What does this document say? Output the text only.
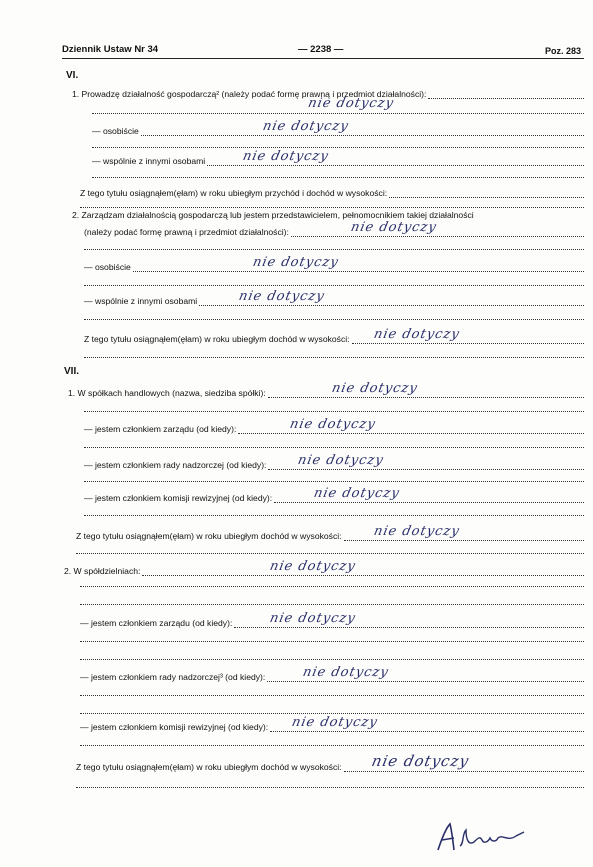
Dziennik Ustaw Nr 34	— 2238 —	Poz. 283
VI.
1. Prowadzę działalność gospodarczą² (należy podać formę prawną i przedmiot działalności):
nie dotyczy
— osobiście	nie dotyczy
— wspólnie z innymi osobami	nie dotyczy
Z tego tytułu osiągnąłem(ęłam) w roku ubiegłym przychód i dochód w wysokości:
2. Zarządzam działalnością gospodarczą lub jestem przedstawicielem, pełnomocnikiem takiej działalności
(należy podać formę prawną i przedmiot działalności):	nie dotyczy
— osobiście	nie dotyczy
— wspólnie z innymi osobami	nie dotyczy
Z tego tytułu osiągnąłem(ęłam) w roku ubiegłym dochód w wysokości: nie dotyczy
VII.
1. W spółkach handlowych (nazwa, siedziba spółki):	nie dotyczy
— jestem członkiem zarządu (od kiedy):	nie dotyczy
— jestem członkiem rady nadzorczej (od kiedy): nie dotyczy
— jestem członkiem komisji rewizyjnej (od kiedy):	nie dotyczy
Z tego tytułu osiągnąłem(ęłam) w roku ubiegłym dochód w wysokości: nie dotyczy
2. W spółdzielniach:	nie dotyczy
— jestem członkiem zarządu (od kiedy):	nie dotyczy
— jestem członkiem rady nadzorczej³ (od kiedy):	nie dotyczy
— jestem członkiem komisji rewizyjnej (od kiedy): nie dotyczy
Z tego tytułu osiągnąłem(ęłam) w roku ubiegłym dochód w wysokości: nie dotyczy
